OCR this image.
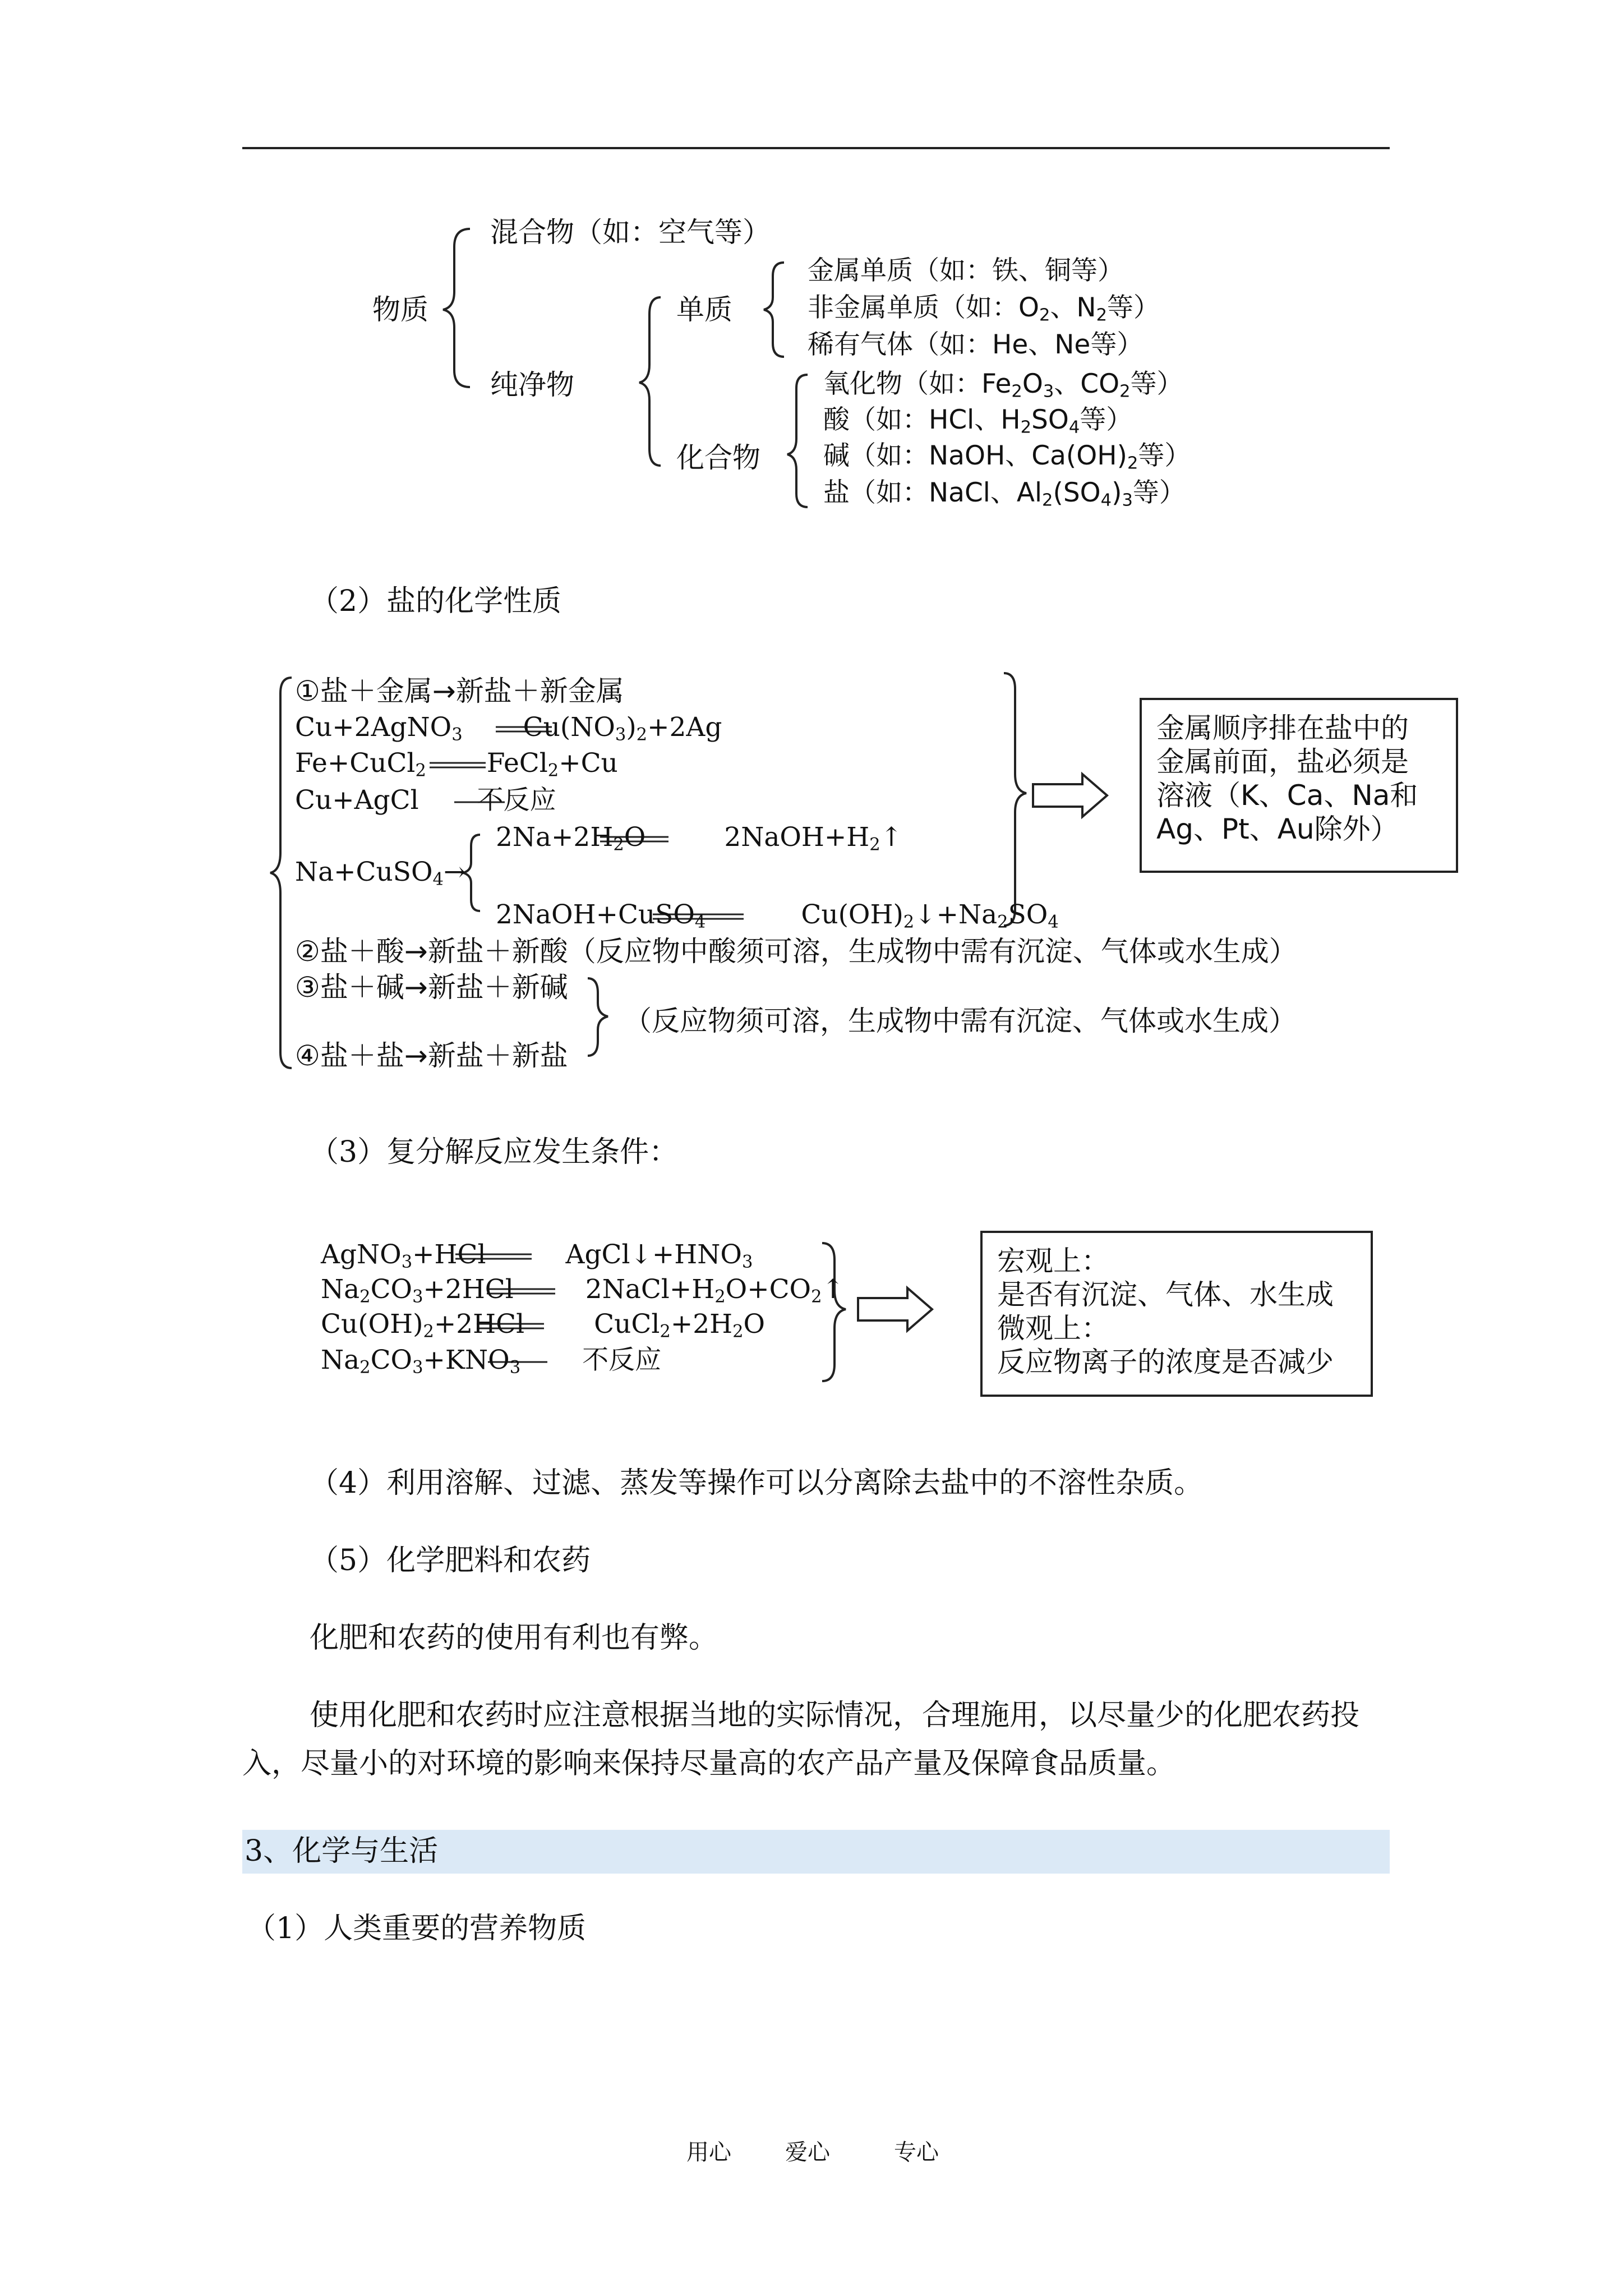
物质
混合物（如：空气等）
纯净物
单质
化合物
金属单质（如：铁、铜等）
非金属单质（如：$O_2$、$N_2$等）
稀有气体（如：He、Ne等）
氧化物（如：$Fe_2O_3$、$CO_2$等）
酸（如：HCl、$H_2SO_4$等）
碱（如：NaOH、$Ca(OH)_2$等）
盐（如：NaCl、$Al_2(SO_4)_3$等）
（2）盐的化学性质
①盐＋金属→新盐＋新金属
Cu+2AgNO$_3$ $Cu(NO_3)_2+2Ag$
Fe+CuCl$_2$ FeCl$_2$+Cu
Cu+AgCl 不反应
Na+CuSO$_4$→
$2Na+2H_2O$	$2NaOH+H_2↑$
2NaOH+CuSO$_4$	$Cu(OH)_2↓+Na_2SO_4$
②盐＋酸→新盐＋新酸（反应物中酸须可溶，生成物中需有沉淀、气体或水生成）
③盐＋碱→新盐＋新碱
④盐＋盐→新盐＋新盐
（反应物须可溶，生成物中需有沉淀、气体或水生成）
金属顺序排在盐中的
金属前面，盐必须是
溶液（K、Ca、Na和
Ag、Pt、Au除外）
（3）复分解反应发生条件：
AgNO$_3$+HCl	$AgCl↓+HNO_3$
$Na_2CO_3+2HCl$	$2NaCl+H_2O+CO_2↑$
$Cu(OH)_2+2HCl$	$CuCl_2+2H_2O$
$Na_2CO_3+KNO_3$ 不反应
宏观上：
是否有沉淀、气体、水生成
微观上：
反应物离子的浓度是否减少
（4）利用溶解、过滤、蒸发等操作可以分离除去盐中的不溶性杂质。
（5）化学肥料和农药
化肥和农药的使用有利也有弊。
使用化肥和农药时应注意根据当地的实际情况，合理施用，以尽量少的化肥农药投
入，尽量小的对环境的影响来保持尽量高的农产品产量及保障食品质量。
3、化学与生活
（1）人类重要的营养物质
用心 爱心	专心
